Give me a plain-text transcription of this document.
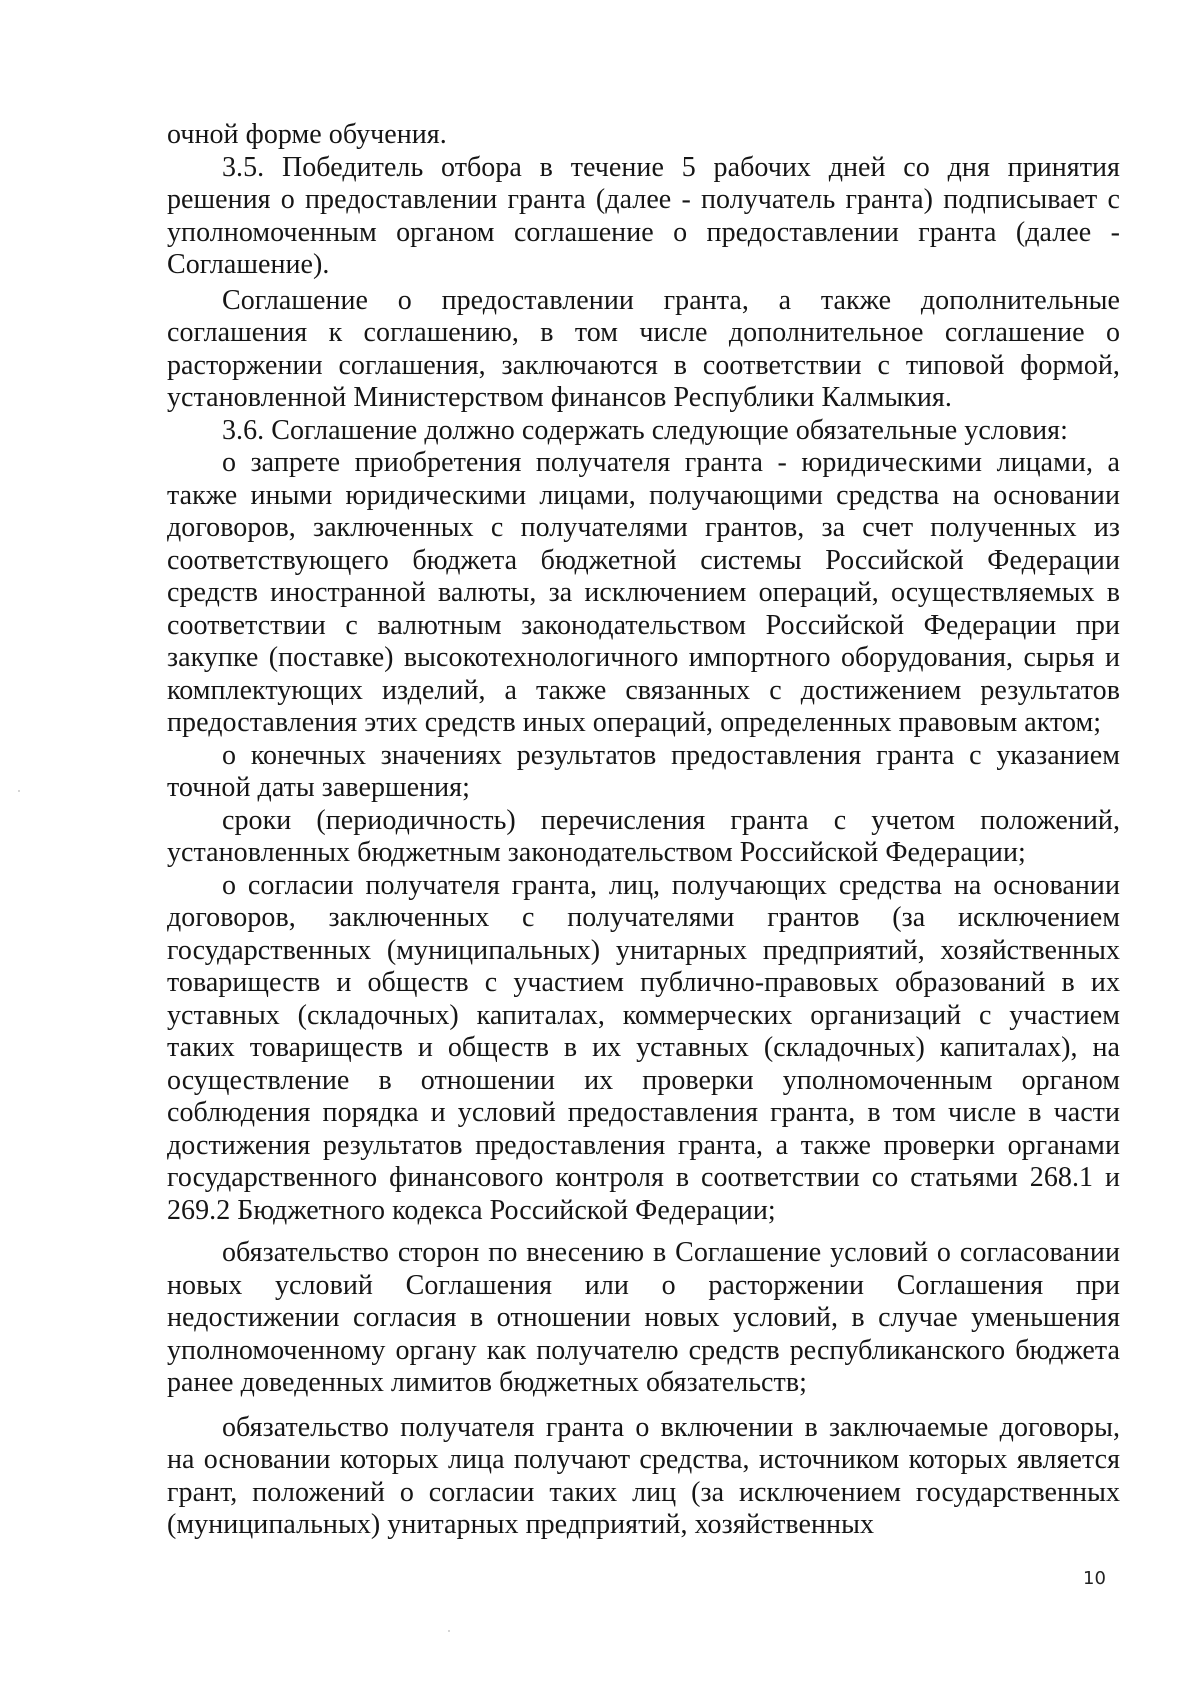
очной форме обучения.

3.5. Победитель отбора в течение 5 рабочих дней со дня принятия решения о предоставлении гранта (далее - получатель гранта) подписывает с уполномоченным органом соглашение о предоставлении гранта (далее - Соглашение).

Соглашение о предоставлении гранта, а также дополнительные соглашения к соглашению, в том числе дополнительное соглашение о расторжении соглашения, заключаются в соответствии с типовой формой, установленной Министерством финансов Республики Калмыкия.

3.6. Соглашение должно содержать следующие обязательные условия:

о запрете приобретения получателя гранта - юридическими лицами, а также иными юридическими лицами, получающими средства на основании договоров, заключенных с получателями грантов, за счет полученных из соответствующего бюджета бюджетной системы Российской Федерации средств иностранной валюты, за исключением операций, осуществляемых в соответствии с валютным законодательством Российской Федерации при закупке (поставке) высокотехнологичного импортного оборудования, сырья и комплектующих изделий, а также связанных с достижением результатов предоставления этих средств иных операций, определенных правовым актом;

о конечных значениях результатов предоставления гранта с указанием точной даты завершения;

сроки (периодичность) перечисления гранта с учетом положений, установленных бюджетным законодательством Российской Федерации;

о согласии получателя гранта, лиц, получающих средства на основании договоров, заключенных с получателями грантов (за исключением государственных (муниципальных) унитарных предприятий, хозяйственных товариществ и обществ с участием публично-правовых образований в их уставных (складочных) капиталах, коммерческих организаций с участием таких товариществ и обществ в их уставных (складочных) капиталах), на осуществление в отношении их проверки уполномоченным органом соблюдения порядка и условий предоставления гранта, в том числе в части достижения результатов предоставления гранта, а также проверки органами государственного финансового контроля в соответствии со статьями 268.1 и 269.2 Бюджетного кодекса Российской Федерации;

обязательство сторон по внесению в Соглашение условий о согласовании новых условий Соглашения или о расторжении Соглашения при недостижении согласия в отношении новых условий, в случае уменьшения уполномоченному органу как получателю средств республиканского бюджета ранее доведенных лимитов бюджетных обязательств;

обязательство получателя гранта о включении в заключаемые договоры, на основании которых лица получают средства, источником которых является грант, положений о согласии таких лиц (за исключением государственных (муниципальных) унитарных предприятий, хозяйственных

10
